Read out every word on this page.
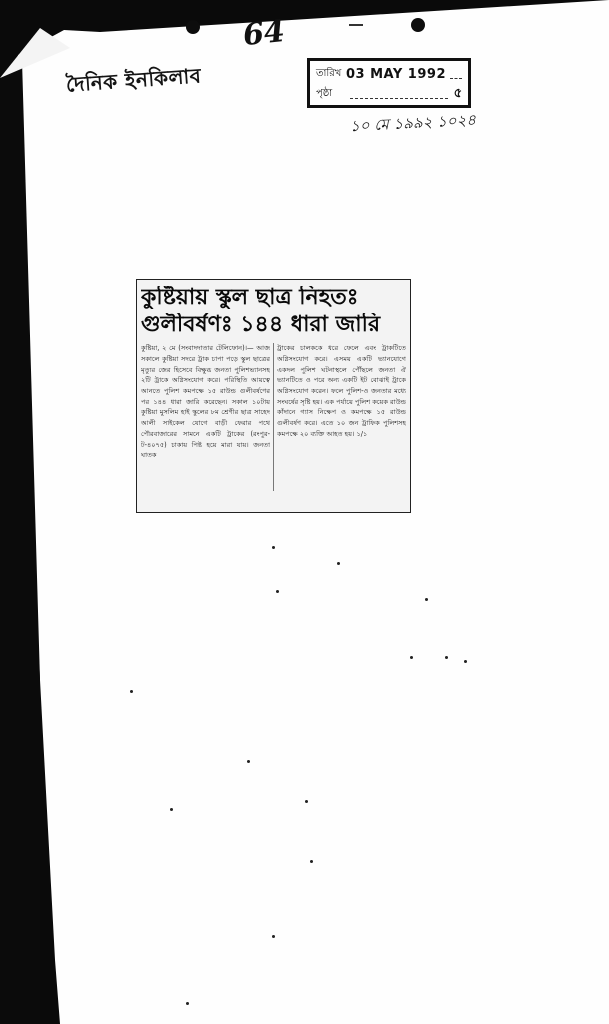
64
দৈনিক ইনকিলাব	তারিখ 03 MAY 1992
পৃষ্ঠা	৫
১০ মে ১৯৯২ ১০২৪
কুষ্টিয়ায় স্কুল ছাত্র নিহতঃ
গুলীবর্ষণঃ ১৪৪ ধারা জারি
কুষ্টিয়া, ২ মে (সংবাদদাতার টেলিফোন)।— আজ সকালে কুষ্টিয়া সদরে ট্রাক চাপা পড়ে স্কুল ছাত্রের মৃত্যুর জের হিসেবে বিক্ষুব্ধ জনতা পুলিশভ্যানসহ ২টি ট্রাকে অগ্নিসংযোগ করে। পরিস্থিতি আয়ত্বে আনতে পুলিশ কমপক্ষে ১৫ রাউন্ড গুলীবর্ষণের পর ১৪৪ ধারা জারি করেছেন। সকাল ১০টায় কুষ্টিয়া মুসলিম হাই স্কুলের ৮ম শ্রেণীর ছাত্র সাহেদ আলী সাইকেল যোগে বাড়ী ফেরার পথে পৌরবাজারের সামনে একটি ট্রাকের (রংপুর-ট-৪০৭৫) চাকায় পিষ্ট হয়ে মারা যায়। জনতা ঘাতক
ট্রাকের চালককে ধরে ফেলে এবং ট্রাকটিতে অগ্নিসংযোগ করে। এসময় একটি ভ্যানযোগে একদল পুলিশ ঘটনাস্থলে পৌঁছলে জনতা ঐ ভ্যানটিতে ও পরে অন্য একটি ইট বোঝাই ট্রাকে অগ্নিসংযোগ করেন। ফলে পুলিশ-ও জনতার মধ্যে সংঘর্ষের সৃষ্টি হয়। এক পর্যায়ে পুলিশ কয়েক রাউন্ড কাঁদানে গ্যাস নিক্ষেপ ও কমপক্ষে ১৫ রাউন্ড গুলীবর্ষণ করে। এতে ১০ জন ট্রাফিক পুলিশসহ কমপক্ষে ২০ ব্যক্তি আহত হয়। ১/১
